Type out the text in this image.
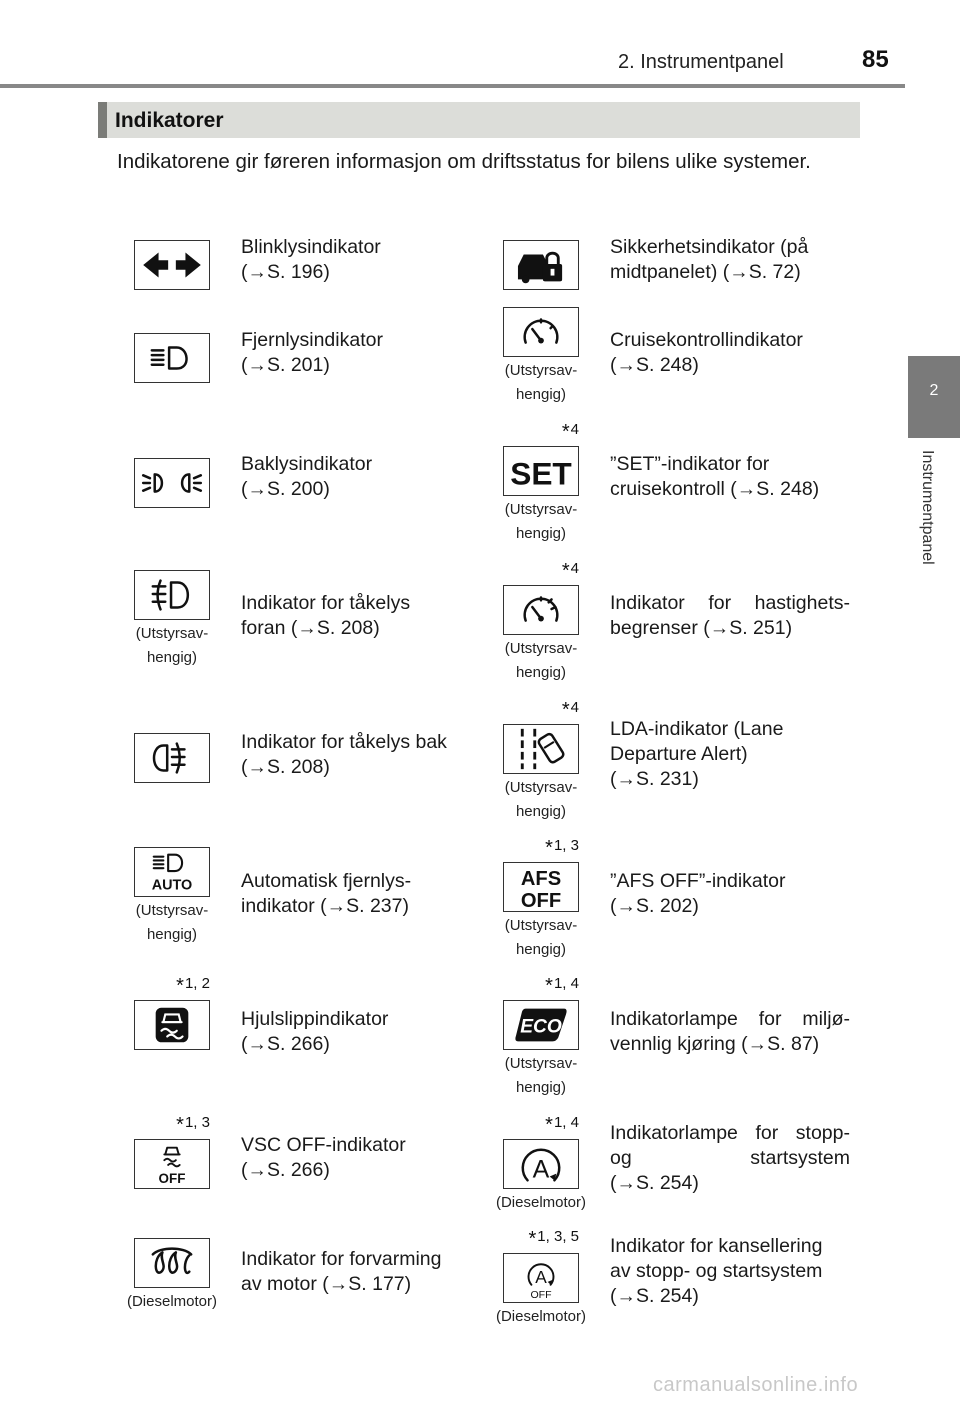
2. Instrumentpanel	85
2
Instrumentpanel
Indikatorer
Indikatorene gir føreren informasjon om driftsstatus for bilens ulike systemer.
Blinklysindikator
(→S. 196)
Fjernlysindikator
(→S. 201)
Baklysindikator
(→S. 200)
(Utstyrsav-
hengig)
Indikator for tåkelys
foran (→S. 208)
Indikator for tåkelys bak
(→S. 208)
AUTO
(Utstyrsav-
hengig)
Automatisk fjernlys-
indikator (→S. 237)
*1, 2
Hjulslippindikator
(→S. 266)
*1, 3
OFF
VSC OFF-indikator
(→S. 266)
(Dieselmotor)
Indikator for forvarming
av motor (→S. 177)
Sikkerhetsindikator (på
midtpanelet) (→S. 72)
(Utstyrsav-
hengig)
Cruisekontrollindikator
(→S. 248)
*4
SET
(Utstyrsav-
hengig)
”SET”-indikator for
cruisekontroll (→S. 248)
*4
(Utstyrsav-
hengig)
Indikator for hastighets-
begrenser (→S. 251)
*4
(Utstyrsav-
hengig)
LDA-indikator (Lane
Departure Alert)
(→S. 231)
*1, 3
AFS
OFF
(Utstyrsav-
hengig)
”AFS OFF”-indikator
(→S. 202)
*1, 4
ECO
(Utstyrsav-
hengig)
Indikatorlampe for miljø-
vennlig kjøring (→S. 87)
*1, 4
A
(Dieselmotor)
Indikatorlampe for stopp-
og startsystem
(→S. 254)
*1, 3, 5
A
OFF
(Dieselmotor)
Indikator for kansellering
av stopp- og startsystem
(→S. 254)
carmanualsonline.info
